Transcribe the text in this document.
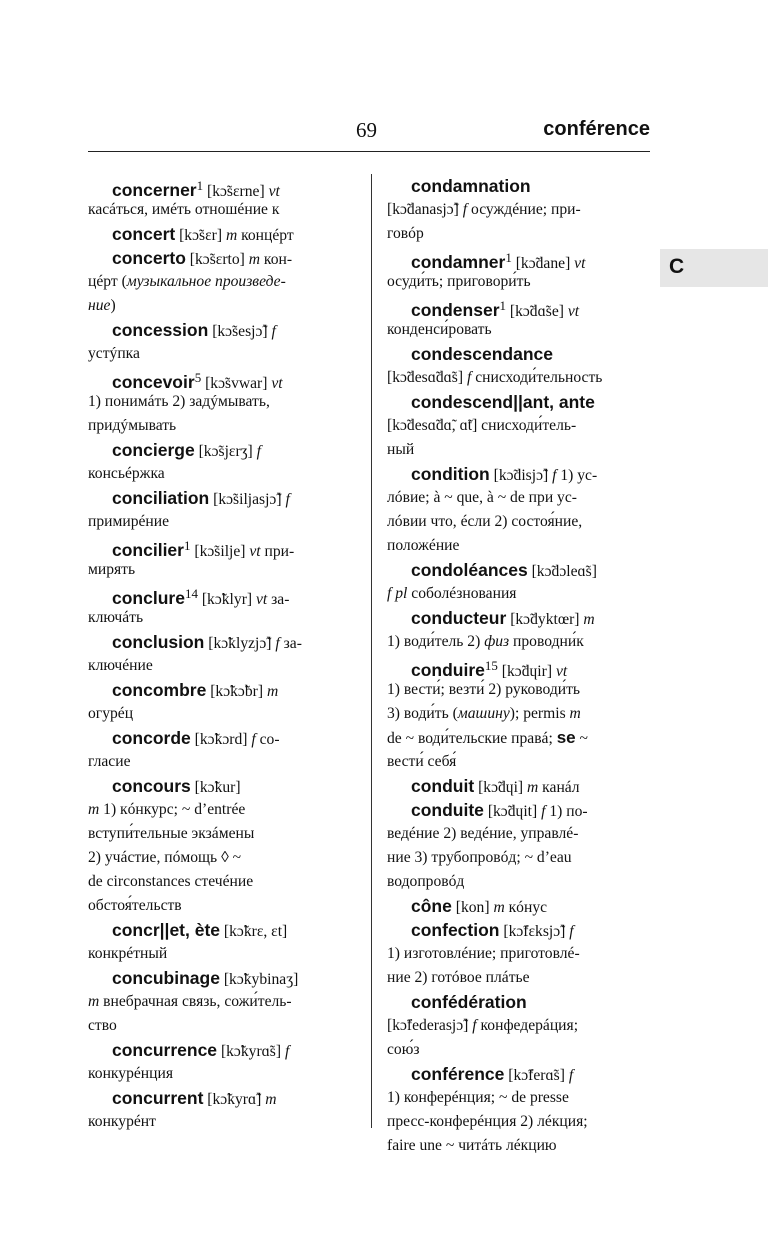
69	conférence
concerner$^1$ [kɔ̃sɛrne] vt
касáться, имéть отношéние к
concert [kɔ̃sɛr] m концéрт
concerto [kɔ̃sɛrto] m кон-
цéрт (музыкальное произведе-
ние)
concession [kɔ̃sesjɔ̃] f
устýпка
concevoir$^5$ [kɔ̃svwar] vt
1) понимáть 2) задýмывать,
придýмывать
concierge [kɔ̃sjɛrʒ] f
консьéржка
conciliation [kɔ̃siljasjɔ̃] f
примирéние
concilier$^1$ [kɔ̃silje] vt при-
мирять
conclure$^{14}$ [kɔ̃klyr] vt за-
ключáть
conclusion [kɔ̃klyzjɔ̃] f за-
ключéние
concombre [kɔ̃kɔ̃br] m
огурéц
concorde [kɔ̃kɔrd] f со-
гласие
concours [kɔ̃kur]
m 1) кóнкурс; ~ d’entrée
вступи́тельные экзáмены
2) учáстие, пóмощь ◊ ~
de circonstances стечéние
обстоя́тельств
concr||et, ète [kɔ̃krɛ, ɛt]
конкрéтный
concubinage [kɔ̃kybinaʒ]
m внебрачная связь, сожи́тель-
ство
concurrence [kɔ̃kyrɑ̃s] f
конкурéнция
concurrent [kɔ̃kyrɑ̃] m
конкурéнт
condamnation
[kɔ̃danasjɔ̃] f осуждéние; при-
говóр
condamner$^1$ [kɔ̃dane] vt
осуди́ть; приговори́ть
condenser$^1$ [kɔ̃dɑ̃se] vt
конденси́ровать
condescendance
[kɔ̃desɑ̃dɑ̃s] f снисходи́тельность
condescend||ant, ante
[kɔ̃desɑ̃dɑ̃, ɑ̃t] снисходи́тель-
ный
condition [kɔ̃disjɔ̃] f 1) ус-
лóвие; à ~ que, à ~ de при ус-
лóвии что, éсли 2) состоя́ние,
положéние
condoléances [kɔ̃dɔleɑ̃s]
f pl соболéзнования
conducteur [kɔ̃dyktœr] m
1) води́тель 2) физ проводни́к
conduire$^{15}$ [kɔ̃dɥir] vt
1) вести́; везти́ 2) руководи́ть
3) води́ть (машину); permis m
de ~ води́тельские правá; se ~
вести́ себя́
conduit [kɔ̃dɥi] m канáл
conduite [kɔ̃dɥit] f 1) по-
ведéние 2) ведéние, управлé-
ние 3) трубопровóд; ~ d’eau
водопровóд
cône [kon] m кóнус
confection [kɔ̃fɛksjɔ̃] f
1) изготовлéние; приготовлé-
ние 2) готóвое плáтье
confédération
[kɔ̃federasjɔ̃] f конфедерáция;
сою́з
conférence [kɔ̃ferɑ̃s] f
1) конферéнция; ~ de presse
пресс-конферéнция 2) лéкция;
faire une ~ читáть лéкцию
C
